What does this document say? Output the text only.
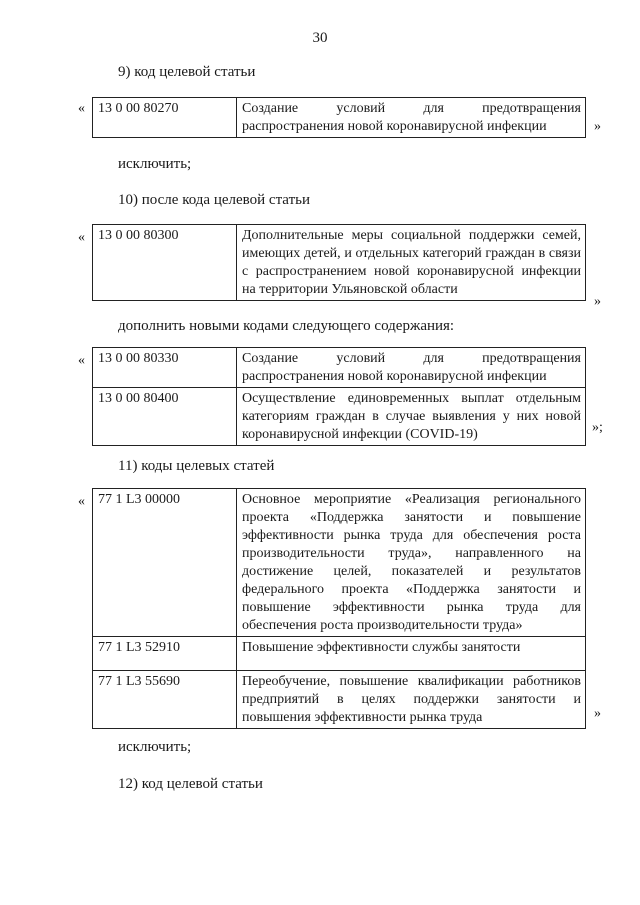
30
9) код целевой статьи
« 13 0 00 80270	Создание условий для предотвращения распространения новой коронавирусной инфекции	»
исключить;
10) после кода целевой статьи
« 13 0 00 80300	Дополнительные меры социальной поддержки семей, имеющих детей, и отдельных категорий граждан в связи с распространением новой коронавирусной инфекции на территории Ульяновской области
»
дополнить новыми кодами следующего содержания:
« 13 0 00 80330	Создание условий для предотвращения распространения новой коронавирусной инфекции
13 0 00 80400	Осуществление единовременных выплат отдельным категориям граждан в случае выявления у них новой коронавирусной инфекции (COVID-19)	»;
11) коды целевых статей
« 77 1 L3 00000	Основное мероприятие «Реализация регионального проекта «Поддержка занятости и повышение эффективности рынка труда для обеспечения роста производительности труда», направленного на достижение целей, показателей и результатов федерального проекта «Поддержка занятости и повышение эффективности рынка труда для обеспечения роста производительности труда»
77 1 L3 52910	Повышение эффективности службы занятости
77 1 L3 55690	Переобучение, повышение квалификации работников предприятий в целях поддержки занятости и повышения эффективности рынка труда	»
исключить;
12) код целевой статьи
